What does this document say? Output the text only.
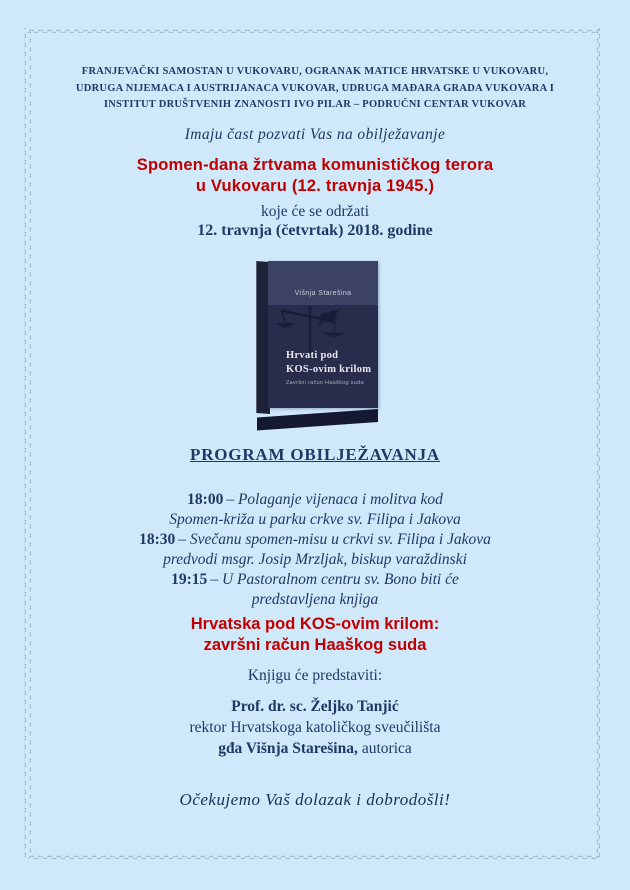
FRANJEVAČKI SAMOSTAN U VUKOVARU, OGRANAK MATICE HRVATSKE U VUKOVARU,
UDRUGA NIJEMACA I AUSTRIJANACA VUKOVAR, UDRUGA MAĐARA GRADA VUKOVARA I
INSTITUT DRUŠTVENIH ZNANOSTI IVO PILAR – PODRUČNI CENTAR VUKOVAR
Imaju čast pozvati Vas na obilježavanje
Spomen-dana žrtvama komunističkog terora
u Vukovaru (12. travnja 1945.)
koje će se održati
12. travnja (četvrtak) 2018. godine
Višnja Starešina
Hrvati pod
KOS-ovim krilom
Završni račun Haaškog suda
PROGRAM OBILJEŽAVANJA
18:00 – Polaganje vijenaca i molitva kod
Spomen-križa u parku crkve sv. Filipa i Jakova
18:30 – Svečanu spomen-misu u crkvi sv. Filipa i Jakova
predvodi msgr. Josip Mrzljak, biskup varaždinski
19:15 – U Pastoralnom centru sv. Bono biti će
predstavljena knjiga
Hrvatska pod KOS-ovim krilom:
završni račun Haaškog suda
Knjigu će predstaviti:
Prof. dr. sc. Željko Tanjić
rektor Hrvatskoga katoličkog sveučilišta
gđa Višnja Starešina, autorica
Očekujemo Vaš dolazak i dobrodošli!
